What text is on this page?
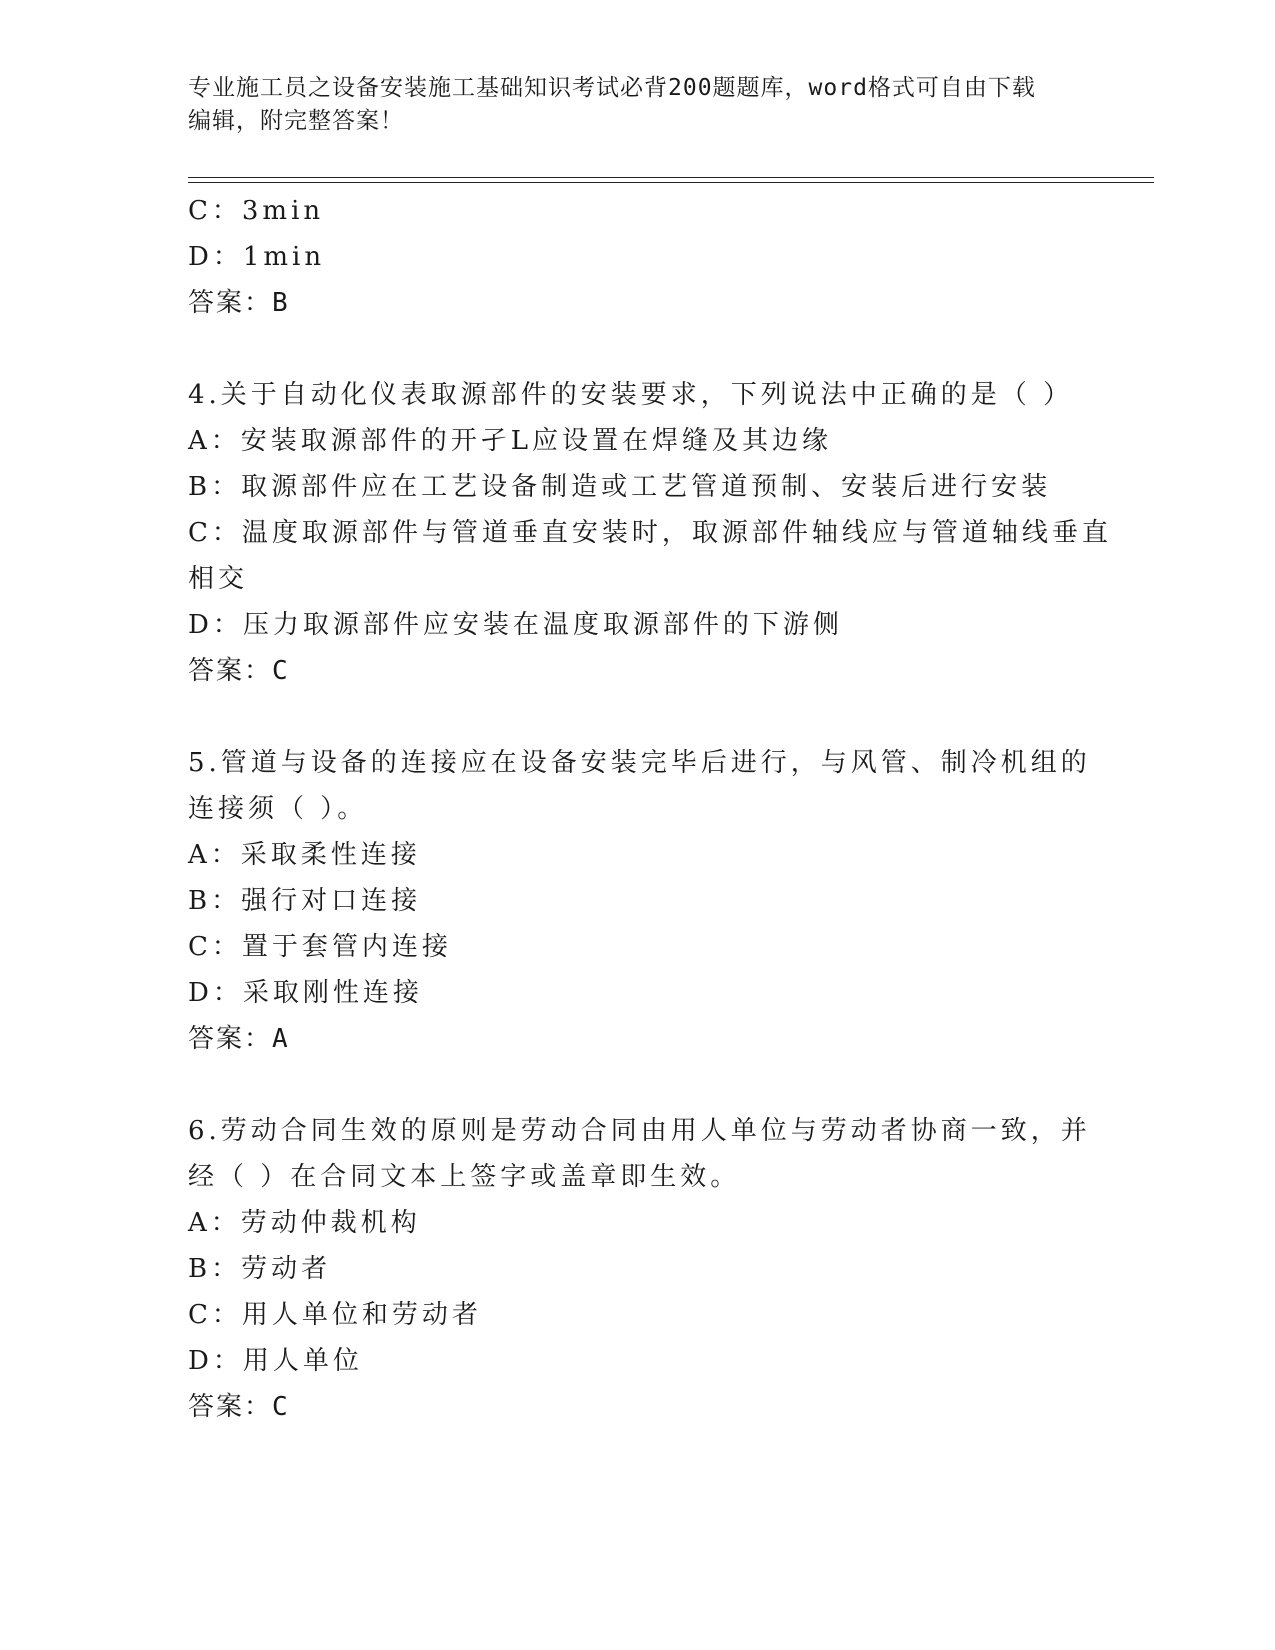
专业施工员之设备安装施工基础知识考试必背200题题库，word格式可自由下载
编辑，附完整答案！
C：3min
D：1min
答案：B
4.关于自动化仪表取源部件的安装要求，下列说法中正确的是（ ）
A：安装取源部件的开孑L应设置在焊缝及其边缘
B：取源部件应在工艺设备制造或工艺管道预制、安装后进行安装
C：温度取源部件与管道垂直安装时，取源部件轴线应与管道轴线垂直
相交
D：压力取源部件应安装在温度取源部件的下游侧
答案：C
5.管道与设备的连接应在设备安装完毕后进行，与风管、制冷机组的
连接须（ ）。
A：采取柔性连接
B：强行对口连接
C：置于套管内连接
D：采取刚性连接
答案：A
6.劳动合同生效的原则是劳动合同由用人单位与劳动者协商一致，并
经（ ）在合同文本上签字或盖章即生效。
A：劳动仲裁机构
B：劳动者
C：用人单位和劳动者
D：用人单位
答案：C
